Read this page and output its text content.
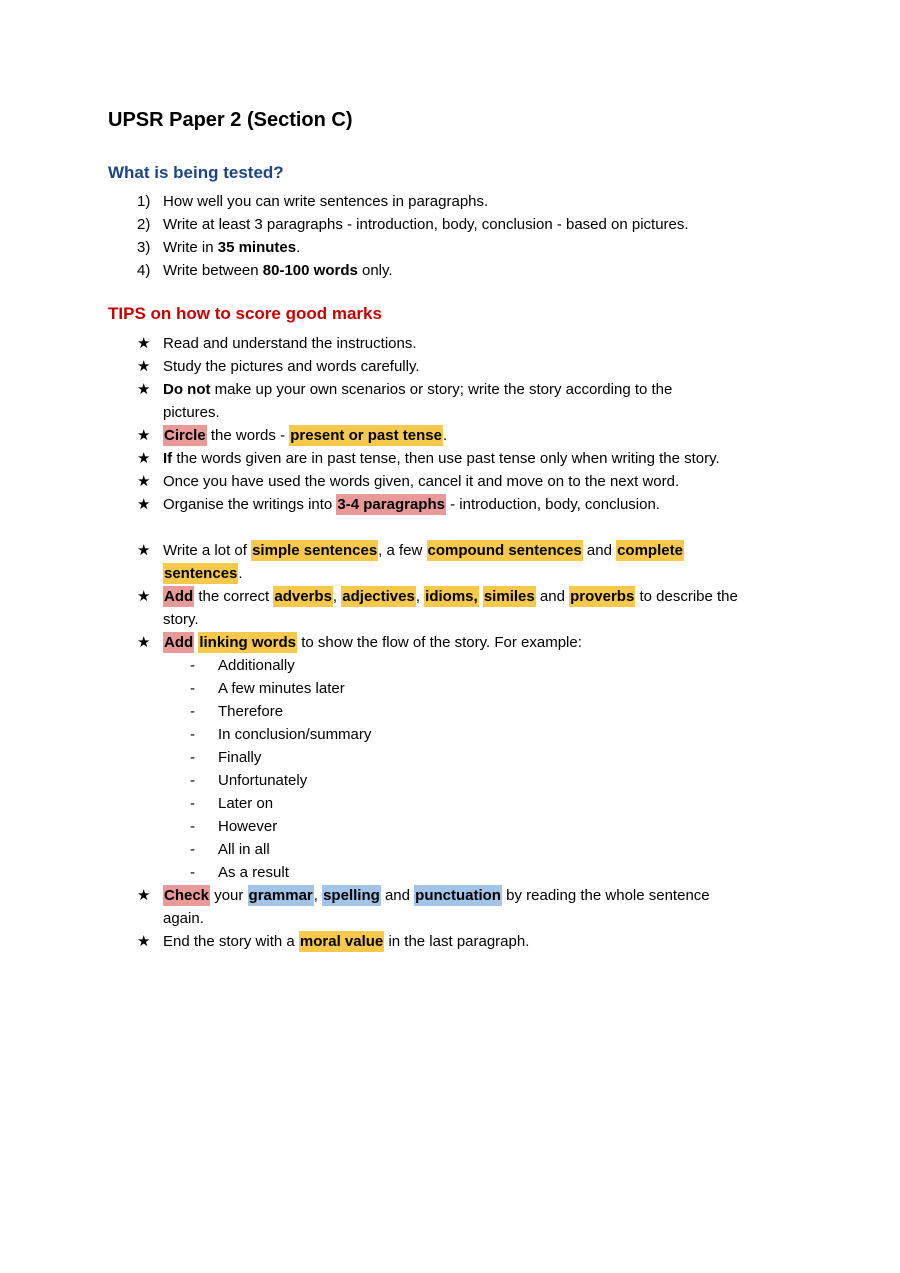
UPSR Paper 2 (Section C)
What is being tested?
1) How well you can write sentences in paragraphs.
2) Write at least 3 paragraphs - introduction, body, conclusion - based on pictures.
3) Write in 35 minutes.
4) Write between 80-100 words only.
TIPS on how to score good marks
★ Read and understand the instructions.
★ Study the pictures and words carefully.
★ Do not make up your own scenarios or story; write the story according to the
pictures.
★ Circle the words - present or past tense.
★ If the words given are in past tense, then use past tense only when writing the story.
★ Once you have used the words given, cancel it and move on to the next word.
★ Organise the writings into 3-4 paragraphs - introduction, body, conclusion.
★ Write a lot of simple sentences, a few compound sentences and complete
sentences.
★ Add the correct adverbs, adjectives, idioms, similes and proverbs to describe the
story.
★ Add linking words to show the flow of the story. For example:
-	Additionally
-	A few minutes later
-	Therefore
-	In conclusion/summary
-	Finally
-	Unfortunately
-	Later on
-	However
-	All in all
-	As a result
★ Check your grammar, spelling and punctuation by reading the whole sentence
again.
★ End the story with a moral value in the last paragraph.
